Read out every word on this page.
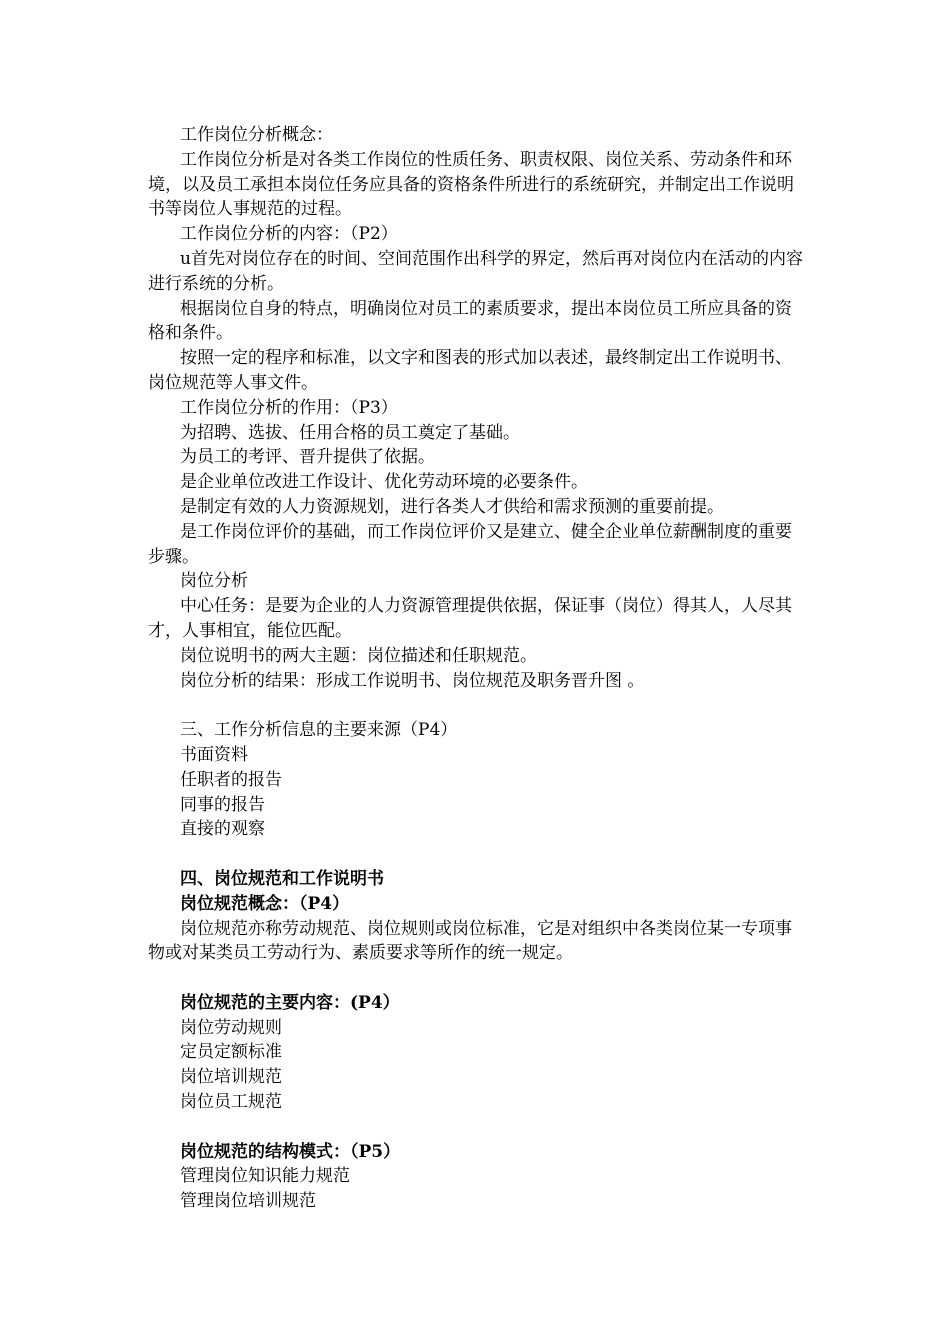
工作岗位分析概念：

工作岗位分析是对各类工作岗位的性质任务、职责权限、岗位关系、劳动条件和环境，以及员工承担本岗位任务应具备的资格条件所进行的系统研究，并制定出工作说明书等岗位人事规范的过程。

工作岗位分析的内容：（P2）

u首先对岗位存在的时间、空间范围作出科学的界定，然后再对岗位内在活动的内容进行系统的分析。

根据岗位自身的特点，明确岗位对员工的素质要求，提出本岗位员工所应具备的资格和条件。

按照一定的程序和标准，以文字和图表的形式加以表述，最终制定出工作说明书、岗位规范等人事文件。

工作岗位分析的作用：（P3）

为招聘、选拔、任用合格的员工奠定了基础。

为员工的考评、晋升提供了依据。

是企业单位改进工作设计、优化劳动环境的必要条件。

是制定有效的人力资源规划，进行各类人才供给和需求预测的重要前提。

是工作岗位评价的基础，而工作岗位评价又是建立、健全企业单位薪酬制度的重要步骤。

岗位分析

中心任务：是要为企业的人力资源管理提供依据，保证事（岗位）得其人，人尽其才，人事相宜，能位匹配。

岗位说明书的两大主题：岗位描述和任职规范。

岗位分析的结果：形成工作说明书、岗位规范及职务晋升图 。

三、工作分析信息的主要来源（P4）

书面资料

任职者的报告

同事的报告

直接的观察

四、岗位规范和工作说明书

岗位规范概念：（P4）

岗位规范亦称劳动规范、岗位规则或岗位标准，它是对组织中各类岗位某一专项事物或对某类员工劳动行为、素质要求等所作的统一规定。

岗位规范的主要内容：(P4）

岗位劳动规则

定员定额标准

岗位培训规范

岗位员工规范

岗位规范的结构模式：（P5）

管理岗位知识能力规范

管理岗位培训规范
